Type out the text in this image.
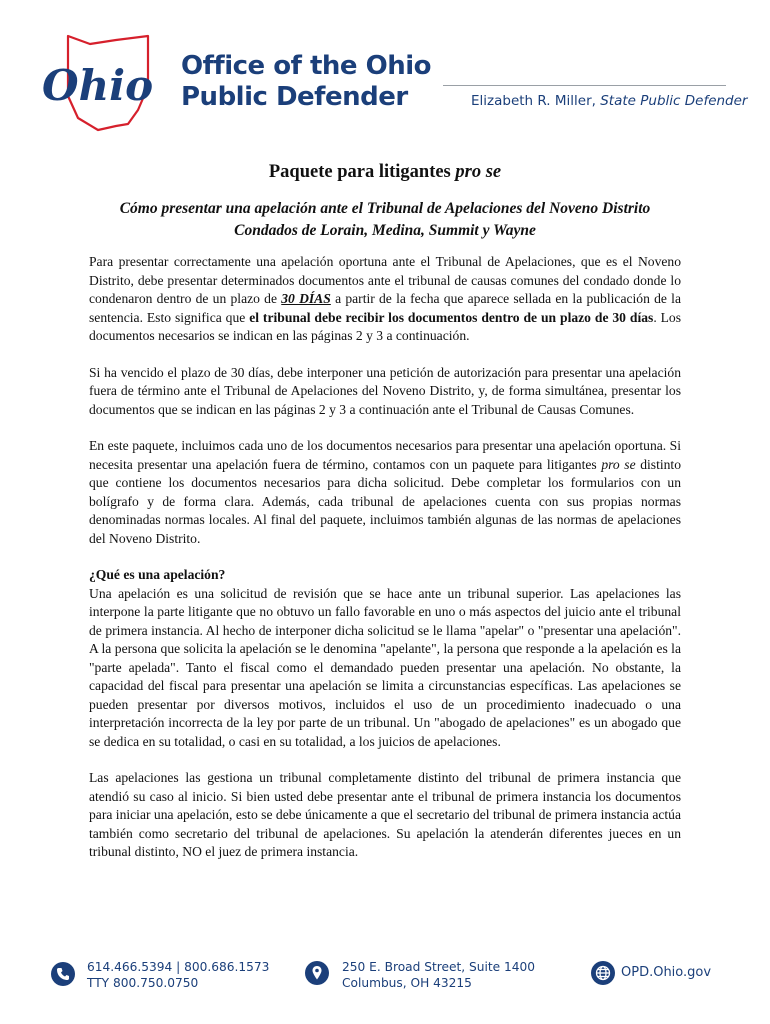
Ohio Office of the Ohio
Public Defender	Elizabeth R. Miller, State Public Defender
Paquete para litigantes pro se
Cómo presentar una apelación ante el Tribunal de Apelaciones del Noveno Distrito
Condados de Lorain, Medina, Summit y Wayne

Para presentar correctamente una apelación oportuna ante el Tribunal de Apelaciones, que es el Noveno Distrito, debe presentar determinados documentos ante el tribunal de causas comunes del condado donde lo condenaron dentro de un plazo de 30 DÍAS a partir de la fecha que aparece sellada en la publicación de la sentencia. Esto significa que el tribunal debe recibir los documentos dentro de un plazo de 30 días. Los documentos necesarios se indican en las páginas 2 y 3 a continuación.

Si ha vencido el plazo de 30 días, debe interponer una petición de autorización para presentar una apelación fuera de término ante el Tribunal de Apelaciones del Noveno Distrito, y, de forma simultánea, presentar los documentos que se indican en las páginas 2 y 3 a continuación ante el Tribunal de Causas Comunes.

En este paquete, incluimos cada uno de los documentos necesarios para presentar una apelación oportuna. Si necesita presentar una apelación fuera de término, contamos con un paquete para litigantes pro se distinto que contiene los documentos necesarios para dicha solicitud. Debe completar los formularios con un bolígrafo y de forma clara. Además, cada tribunal de apelaciones cuenta con sus propias normas denominadas normas locales. Al final del paquete, incluimos también algunas de las normas de apelaciones del Noveno Distrito.

¿Qué es una apelación?
Una apelación es una solicitud de revisión que se hace ante un tribunal superior. Las apelaciones las interpone la parte litigante que no obtuvo un fallo favorable en uno o más aspectos del juicio ante el tribunal de primera instancia. Al hecho de interponer dicha solicitud se le llama "apelar" o "presentar una apelación". A la persona que solicita la apelación se le denomina "apelante", la persona que responde a la apelación es la "parte apelada". Tanto el fiscal como el demandado pueden presentar una apelación. No obstante, la capacidad del fiscal para presentar una apelación se limita a circunstancias específicas. Las apelaciones se pueden presentar por diversos motivos, incluidos el uso de un procedimiento inadecuado o una interpretación incorrecta de la ley por parte de un tribunal. Un "abogado de apelaciones" es un abogado que se dedica en su totalidad, o casi en su totalidad, a los juicios de apelaciones.

Las apelaciones las gestiona un tribunal completamente distinto del tribunal de primera instancia que atendió su caso al inicio. Si bien usted debe presentar ante el tribunal de primera instancia los documentos para iniciar una apelación, esto se debe únicamente a que el secretario del tribunal de primera instancia actúa también como secretario del tribunal de apelaciones. Su apelación la atenderán diferentes jueces en un tribunal distinto, NO el juez de primera instancia.

614.466.5394 | 800.686.1573
TTY 800.750.0750
250 E. Broad Street, Suite 1400
Columbus, OH 43215
OPD.Ohio.gov
